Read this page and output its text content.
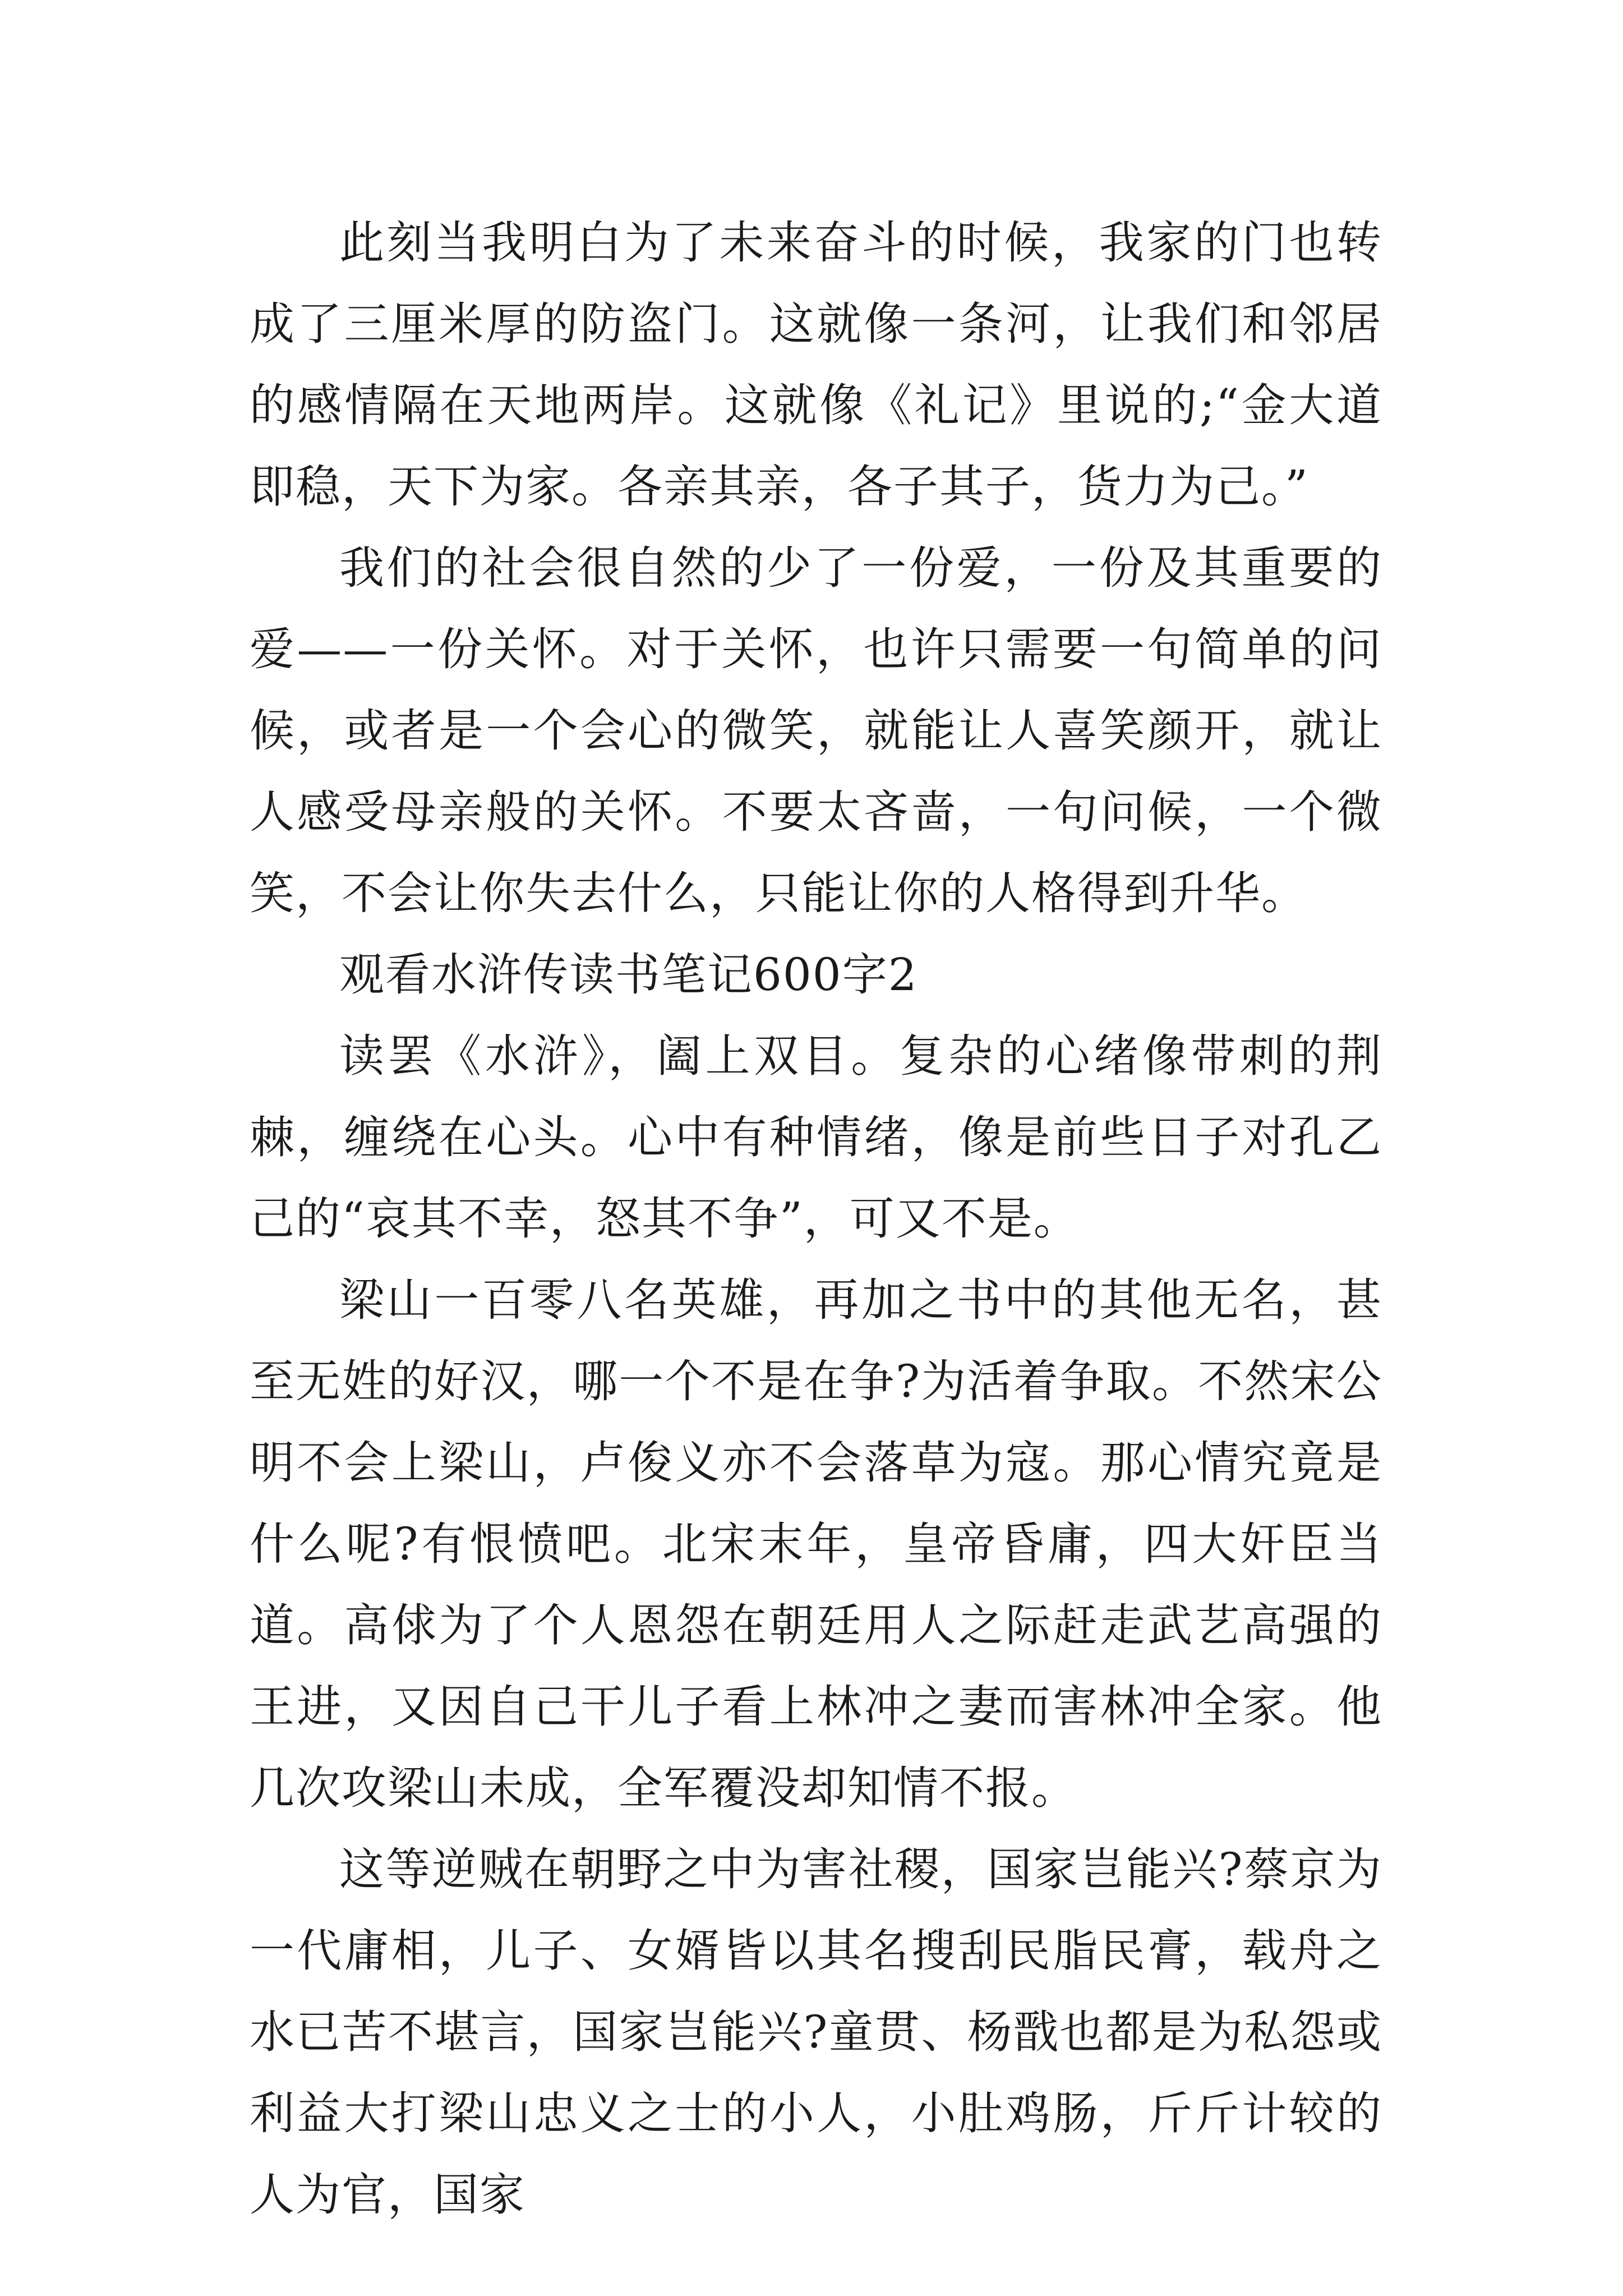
此刻当我明白为了未来奋斗的时候，我家的门也转成了三厘米厚的防盗门。这就像一条河，让我们和邻居的感情隔在天地两岸。这就像《礼记》里说的;“金大道即稳，天下为家。各亲其亲，各子其子，货力为己。”

我们的社会很自然的少了一份爱，一份及其重要的爱——一份关怀。对于关怀，也许只需要一句简单的问候，或者是一个会心的微笑，就能让人喜笑颜开，就让人感受母亲般的关怀。不要太吝啬，一句问候，一个微笑，不会让你失去什么，只能让你的人格得到升华。

观看水浒传读书笔记600字2

读罢《水浒》，阖上双目。复杂的心绪像带刺的荆棘，缠绕在心头。心中有种情绪，像是前些日子对孔乙己的“哀其不幸，怒其不争”，可又不是。

梁山一百零八名英雄，再加之书中的其他无名，甚至无姓的好汉，哪一个不是在争?为活着争取。不然宋公明不会上梁山，卢俊义亦不会落草为寇。那心情究竟是什么呢?有恨愤吧。北宋末年，皇帝昏庸，四大奸臣当道。高俅为了个人恩怨在朝廷用人之际赶走武艺高强的王进，又因自己干儿子看上林冲之妻而害林冲全家。他几次攻梁山未成，全军覆没却知情不报。

这等逆贼在朝野之中为害社稷，国家岂能兴?蔡京为一代庸相，儿子、女婿皆以其名搜刮民脂民膏，载舟之水已苦不堪言，国家岂能兴?童贯、杨戬也都是为私怨或利益大打梁山忠义之士的小人，小肚鸡肠，斤斤计较的人为官，国家
